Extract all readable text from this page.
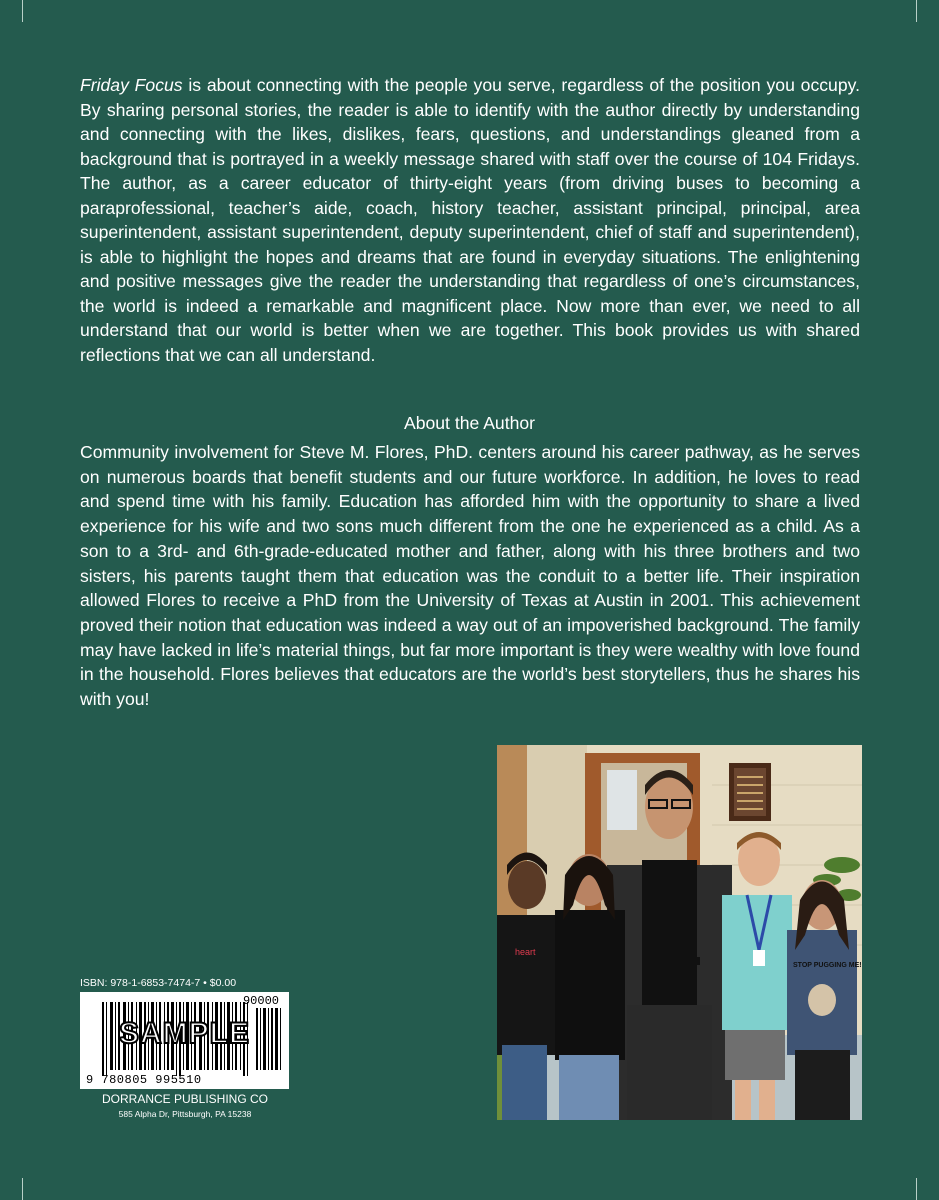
Friday Focus is about connecting with the people you serve, regardless of the position you occupy. By sharing personal stories, the reader is able to identify with the author directly by understanding and connecting with the likes, dislikes, fears, questions, and understandings gleaned from a background that is portrayed in a weekly message shared with staff over the course of 104 Fridays. The author, as a career educator of thirty-eight years (from driving buses to becoming a paraprofessional, teacher’s aide, coach, history teacher, assistant principal, principal, area superintendent, assistant superintendent, deputy superintendent, chief of staff and superintendent), is able to highlight the hopes and dreams that are found in everyday situations. The enlightening and positive messages give the reader the understanding that regardless of one’s circumstances, the world is indeed a remarkable and magnificent place. Now more than ever, we need to all understand that our world is better when we are together. This book provides us with shared reflections that we can all understand.

About the Author

Community involvement for Steve M. Flores, PhD. centers around his career pathway, as he serves on numerous boards that benefit students and our future workforce. In addition, he loves to read and spend time with his family. Education has afforded him with the opportunity to share a lived experience for his wife and two sons much different from the one he experienced as a child. As a son to a 3rd- and 6th-grade-educated mother and father, along with his three brothers and two sisters, his parents taught them that education was the conduit to a better life. Their inspiration allowed Flores to receive a PhD from the University of Texas at Austin in 2001. This achievement proved their notion that education was indeed a way out of an impoverished background. The family may have lacked in life’s material things, but far more important is they were wealthy with love found in the household. Flores believes that educators are the world’s best storytellers, thus he shares his with you!

heart
STOP PUGGING ME!

ISBN: 978-1-6853-7474-7 • $0.00

90000
SAMPLE
9 780805 995510

DORRANCE PUBLISHING CO

585 Alpha Dr, Pittsburgh, PA 15238
